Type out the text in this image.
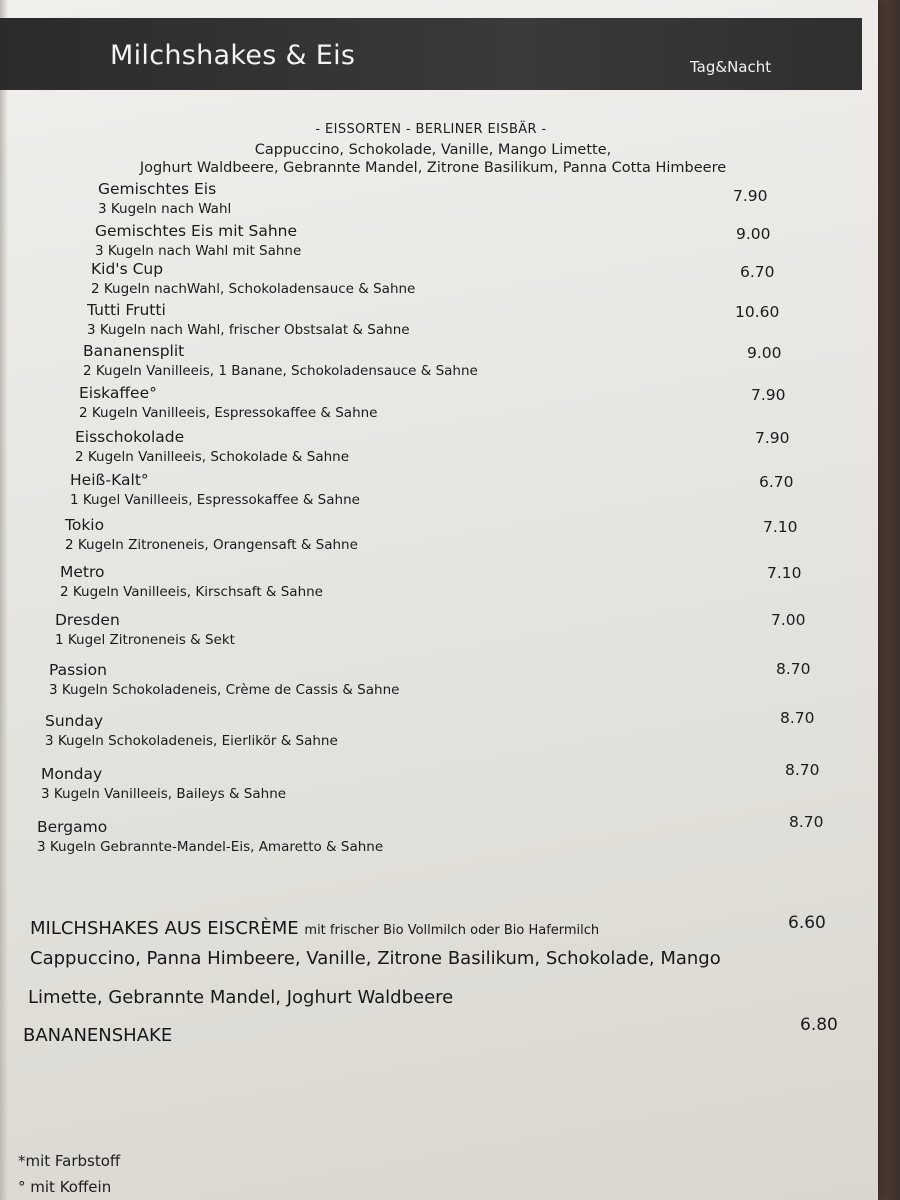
Milchshakes & Eis	Tag&Nacht
- EISSORTEN - BERLINER EISBÄR -
Cappuccino, Schokolade, Vanille, Mango Limette,
Joghurt Waldbeere, Gebrannte Mandel, Zitrone Basilikum, Panna Cotta Himbeere
Gemischtes Eis
3 Kugeln nach Wahl
7.90
Gemischtes Eis mit Sahne
3 Kugeln nach Wahl mit Sahne
9.00
Kid's Cup
2 Kugeln nachWahl, Schokoladensauce & Sahne
6.70
Tutti Frutti
3 Kugeln nach Wahl, frischer Obstsalat & Sahne
10.60
Bananensplit
2 Kugeln Vanilleeis, 1 Banane, Schokoladensauce & Sahne
9.00
Eiskaffee°
2 Kugeln Vanilleeis, Espressokaffee & Sahne
7.90
Eisschokolade
2 Kugeln Vanilleeis, Schokolade & Sahne
7.90
Heiß-Kalt°
1 Kugel Vanilleeis, Espressokaffee & Sahne
6.70
Tokio
2 Kugeln Zitroneneis, Orangensaft & Sahne
7.10
Metro
2 Kugeln Vanilleeis, Kirschsaft & Sahne
7.10
Dresden
1 Kugel Zitroneneis & Sekt
7.00
Passion
3 Kugeln Schokoladeneis, Crème de Cassis & Sahne
8.70
Sunday
3 Kugeln Schokoladeneis, Eierlikör & Sahne
8.70
Monday
3 Kugeln Vanilleeis, Baileys & Sahne
8.70
Bergamo
3 Kugeln Gebrannte-Mandel-Eis, Amaretto & Sahne
8.70
MILCHSHAKES AUS EISCRÈME mit frischer Bio Vollmilch oder Bio Hafermilch	6.60
Cappuccino, Panna Himbeere, Vanille, Zitrone Basilikum, Schokolade, Mango
Limette, Gebrannte Mandel, Joghurt Waldbeere
BANANENSHAKE	6.80
*mit Farbstoff
° mit Koffein
